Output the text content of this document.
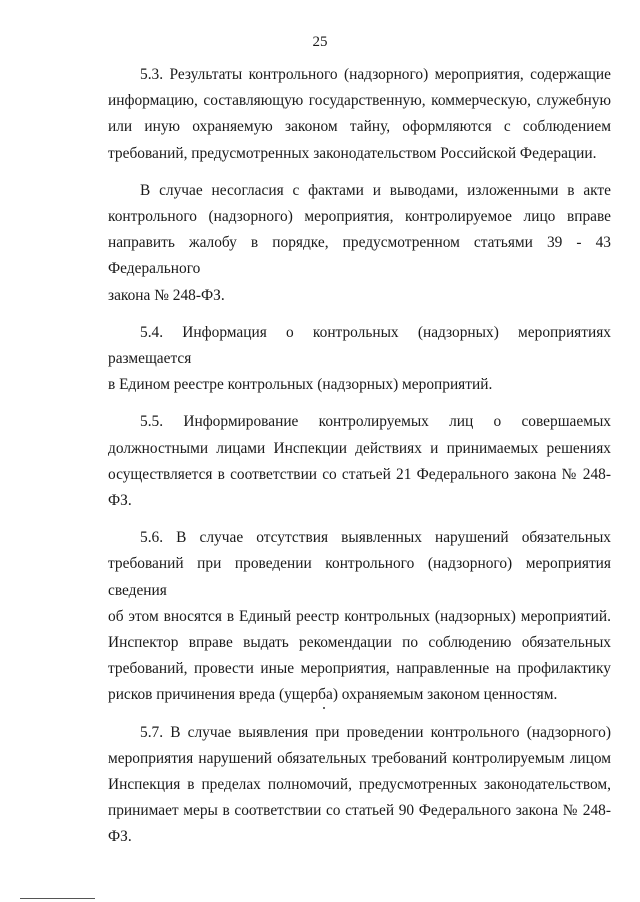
25

5.3. Результаты контрольного (надзорного) мероприятия, содержащие
информацию, составляющую государственную, коммерческую, служебную
или иную охраняемую законом тайну, оформляются с соблюдением
требований, предусмотренных законодательством Российской Федерации.

В случае несогласия с фактами и выводами, изложенными в акте
контрольного (надзорного) мероприятия, контролируемое лицо вправе
направить жалобу в порядке, предусмотренном статьями 39 - 43 Федерального
закона № 248-ФЗ.

5.4. Информация о контрольных (надзорных) мероприятиях размещается
в Едином реестре контрольных (надзорных) мероприятий.

5.5. Информирование контролируемых лиц о совершаемых
должностными лицами Инспекции действиях и принимаемых решениях
осуществляется в соответствии со статьей 21 Федерального закона № 248-ФЗ.

5.6. В случае отсутствия выявленных нарушений обязательных
требований при проведении контрольного (надзорного) мероприятия сведения
об этом вносятся в Единый реестр контрольных (надзорных) мероприятий.
Инспектор вправе выдать рекомендации по соблюдению обязательных
требований, провести иные мероприятия, направленные на профилактику
рисков причинения вреда (ущерба) охраняемым законом ценностям.

5.7. В случае выявления при проведении контрольного (надзорного)
мероприятия нарушений обязательных требований контролируемым лицом
Инспекция в пределах полномочий, предусмотренных законодательством,
принимает меры в соответствии со статьей 90 Федерального закона № 248-ФЗ.
